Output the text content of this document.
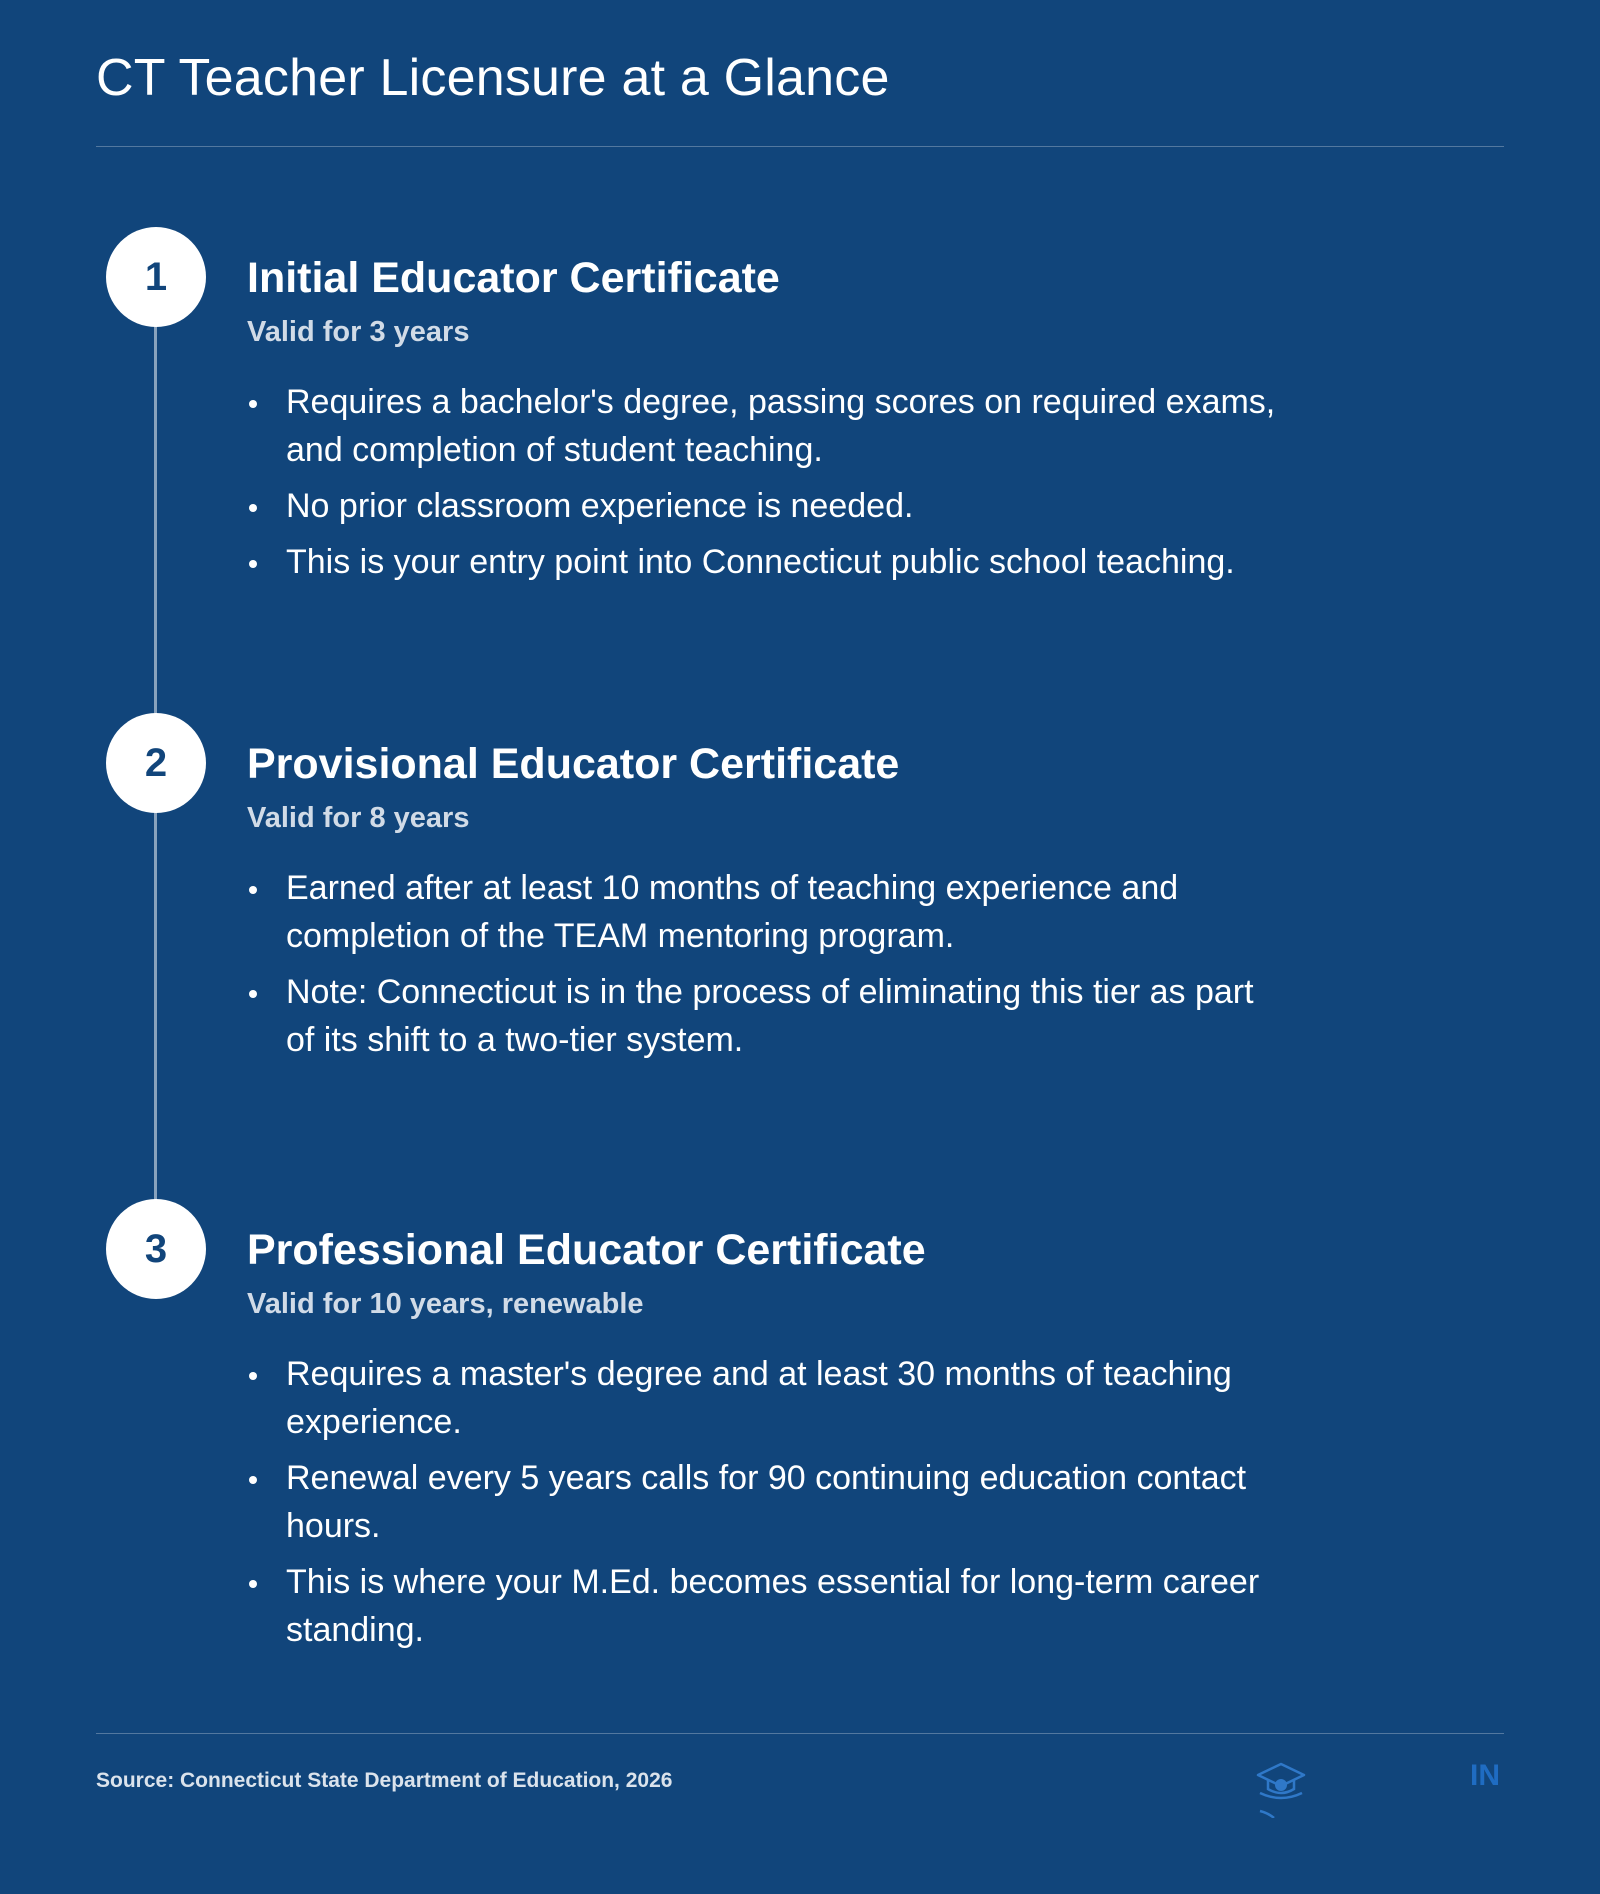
CT Teacher Licensure at a Glance
1	Initial Educator Certificate

Valid for 3 years

Requires a bachelor's degree, passing scores on required exams, and completion of student teaching.
No prior classroom experience is needed.
This is your entry point into Connecticut public school teaching.
2	Provisional Educator Certificate

Valid for 8 years

Earned after at least 10 months of teaching experience and completion of the TEAM mentoring program.
Note: Connecticut is in the process of eliminating this tier as part of its shift to a two-tier system.
3	Professional Educator Certificate

Valid for 10 years, renewable

Requires a master's degree and at least 30 months of teaching experience.
Renewal every 5 years calls for 90 continuing education contact hours.
This is where your M.Ed. becomes essential for long-term career standing.
Source: Connecticut State Department of Education, 2026	IN
